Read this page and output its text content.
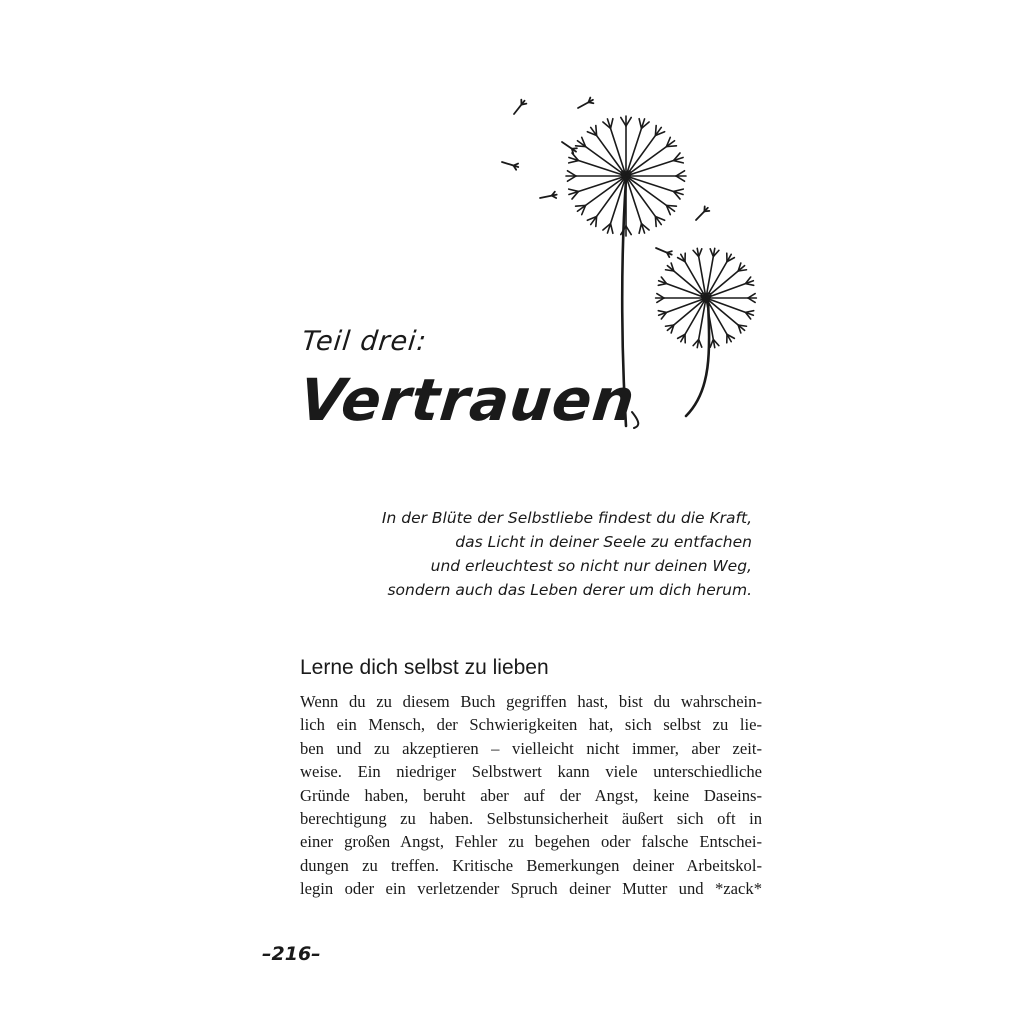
Teil drei:
Vertrauen
In der Blüte der Selbstliebe findest du die Kraft,
das Licht in deiner Seele zu entfachen
und erleuchtest so nicht nur deinen Weg,
sondern auch das Leben derer um dich herum.
Lerne dich selbst zu lieben
Wenn du zu diesem Buch gegriffen hast, bist du wahrschein-
lich ein Mensch, der Schwierigkeiten hat, sich selbst zu lie-
ben und zu akzeptieren – vielleicht nicht immer, aber zeit-
weise. Ein niedriger Selbstwert kann viele unterschiedliche
Gründe haben, beruht aber auf der Angst, keine Daseins-
berechtigung zu haben. Selbstunsicherheit äußert sich oft in
einer großen Angst, Fehler zu begehen oder falsche Entschei-
dungen zu treffen. Kritische Bemerkungen deiner Arbeitskol-
legin oder ein verletzender Spruch deiner Mutter und *zack*
–216–
